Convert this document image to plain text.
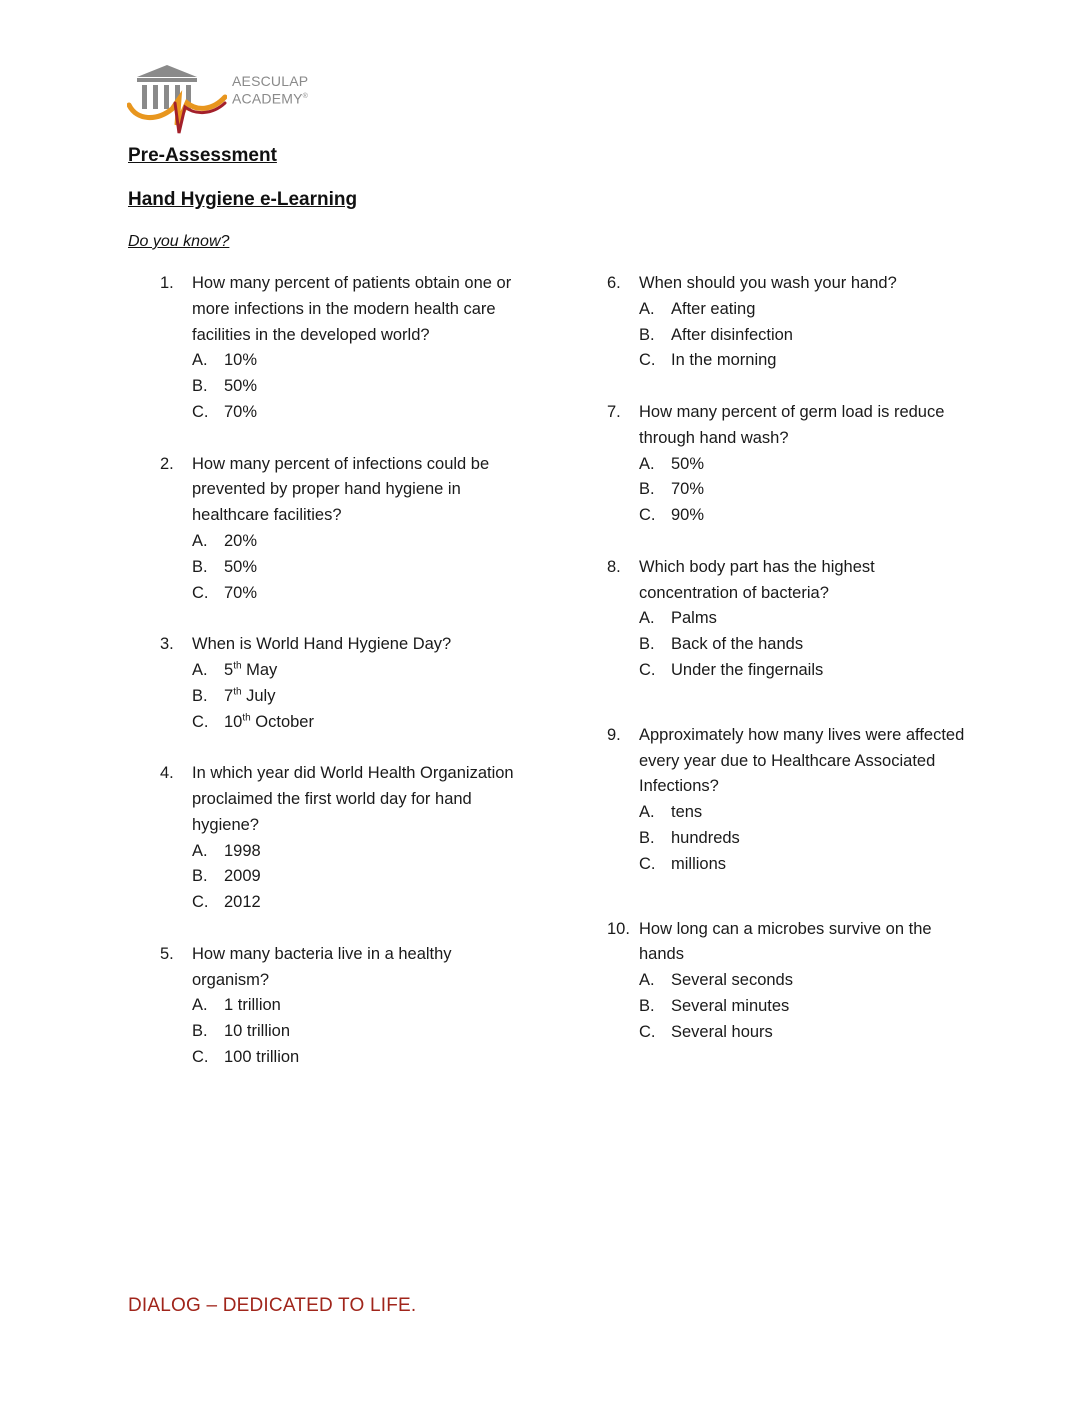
AESCULAP
ACADEMY®
Pre-Assessment
Hand Hygiene e-Learning
Do you know?
1. How many percent of patients obtain one or more infections in the modern health care facilities in the developed world?
A. 10%
B. 50%
C. 70%
2. How many percent of infections could be prevented by proper hand hygiene in healthcare facilities?
A. 20%
B. 50%
C. 70%
3. When is World Hand Hygiene Day?
A. 5th May
B. 7th July
C. 10th October
4. In which year did World Health Organization proclaimed the first world day for hand hygiene?
A. 1998
B. 2009
C. 2012
5. How many bacteria live in a healthy organism?
A. 1 trillion
B. 10 trillion
C. 100 trillion
6. When should you wash your hand?
A. After eating
B. After disinfection
C. In the morning
7. How many percent of germ load is reduce through hand wash?
A. 50%
B. 70%
C. 90%
8. Which body part has the highest concentration of bacteria?
A. Palms
B. Back of the hands
C. Under the fingernails
9. Approximately how many lives were affected every year due to Healthcare Associated Infections?
A. tens
B. hundreds
C. millions
10. How long can a microbes survive on the hands
A. Several seconds
B. Several minutes
C. Several hours
DIALOG – DEDICATED TO LIFE.
